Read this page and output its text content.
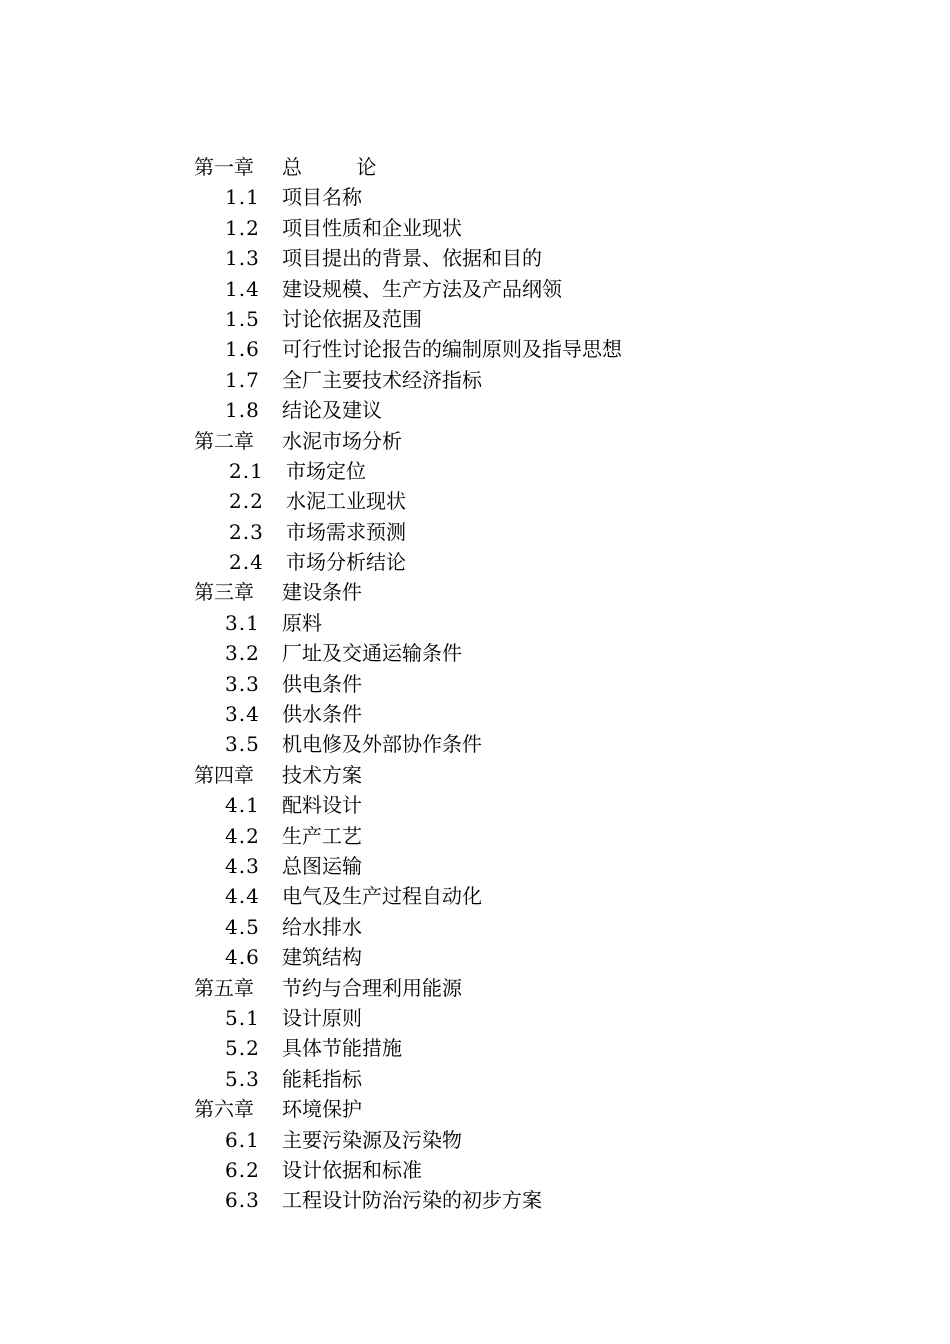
第一章 总 论
1.1 项目名称
1.2 项目性质和企业现状
1.3 项目提出的背景、依据和目的
1.4 建设规模、生产方法及产品纲领
1.5 讨论依据及范围
1.6 可行性讨论报告的编制原则及指导思想
1.7 全厂主要技术经济指标
1.8 结论及建议
第二章 水泥市场分析
2.1 市场定位
2.2 水泥工业现状
2.3 市场需求预测
2.4 市场分析结论
第三章 建设条件
3.1 原料
3.2 厂址及交通运输条件
3.3 供电条件
3.4 供水条件
3.5 机电修及外部协作条件
第四章 技术方案
4.1 配料设计
4.2 生产工艺
4.3 总图运输
4.4 电气及生产过程自动化
4.5 给水排水
4.6 建筑结构
第五章 节约与合理利用能源
5.1 设计原则
5.2 具体节能措施
5.3 能耗指标
第六章 环境保护
6.1 主要污染源及污染物
6.2 设计依据和标准
6.3 工程设计防治污染的初步方案
